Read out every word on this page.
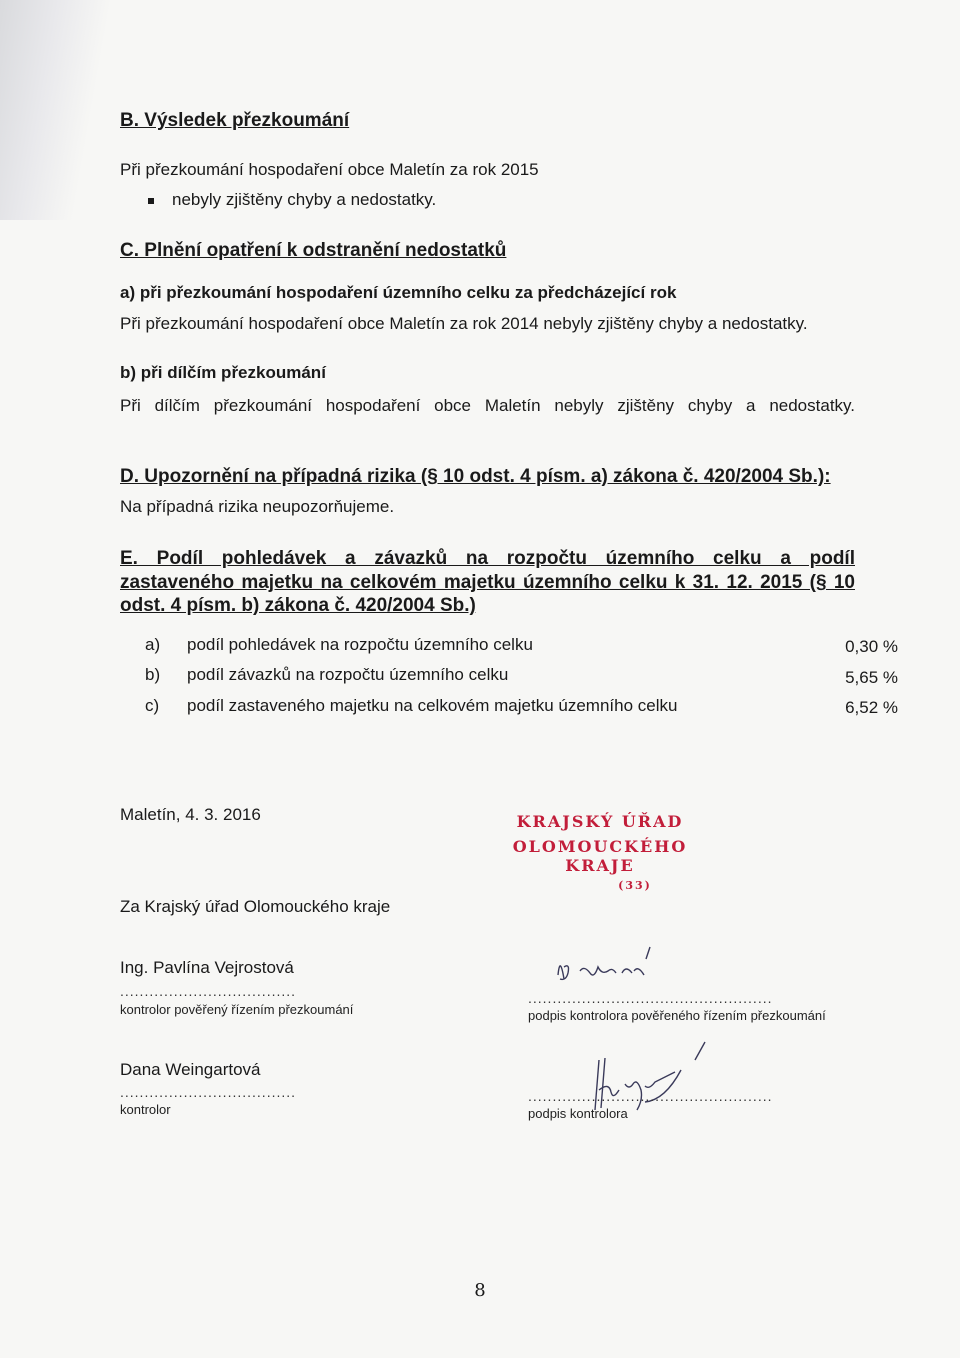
B. Výsledek přezkoumání
Při přezkoumání hospodaření obce Maletín za rok 2015
nebyly zjištěny chyby a nedostatky.
C. Plnění opatření k odstranění nedostatků
a) při přezkoumání hospodaření územního celku za předcházející rok
Při přezkoumání hospodaření obce Maletín za rok 2014 nebyly zjištěny chyby a nedostatky.
b) při dílčím přezkoumání
Při dílčím přezkoumání hospodaření obce Maletín nebyly zjištěny chyby a nedostatky.
D. Upozornění na případná rizika (§ 10 odst. 4 písm. a) zákona č. 420/2004 Sb.):
Na případná rizika neupozorňujeme.
E. Podíl pohledávek a závazků na rozpočtu územního celku a podíl
zastaveného majetku na celkovém majetku územního celku k 31. 12. 2015 (§ 10
odst. 4 písm. b) zákona č. 420/2004 Sb.)
a) podíl pohledávek na rozpočtu územního celku	0,30 %
b) podíl závazků na rozpočtu územního celku	5,65 %
c) podíl zastaveného majetku na celkovém majetku územního celku	6,52 %
Maletín, 4. 3. 2016	KRAJSKÝ ÚŘAD
OLOMOUCKÉHO KRAJE
(33)
Za Krajský úřad Olomouckého kraje
Ing. Pavlína Vejrostová
....................................
kontrolor pověřený řízením přezkoumání
..................................................
podpis kontrolora pověřeného řízením přezkoumání
Dana Weingartová
....................................
kontrolor
..................................................
podpis kontrolora
8
